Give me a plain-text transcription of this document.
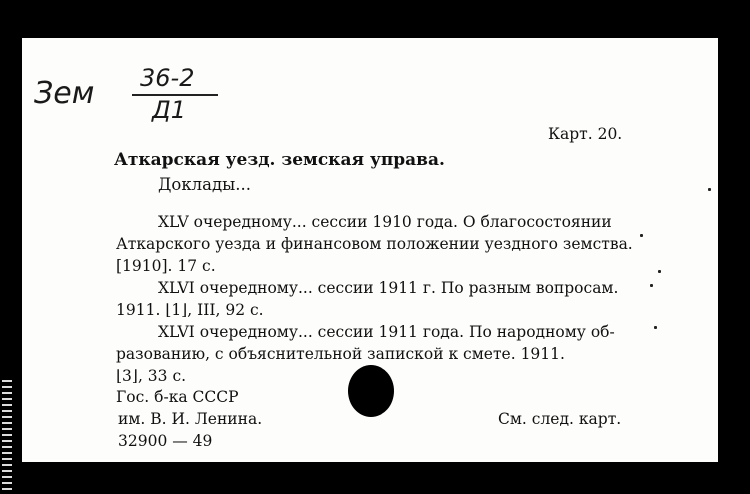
Зем 36-2
Д1
Карт. 20.
Аткарская уезд. земская управа.
Доклады...
XLV очередному... сессии 1910 года. О благосостоянии
Аткарского уезда и финансовом положении уездного земства.
[1910]. 17 с.
XLVI очередному... сессии 1911 г. По разным вопросам.
1911. ⌊1⌋, III, 92 с.
XLVI очередному... сессии 1911 года. По народному об-
разованию, с объяснительной запиской к смете. 1911.
⌊3⌋, 33 с.
Гос. б-ка СССР
им. В. И. Ленина.	См. след. карт.
32900 — 49
